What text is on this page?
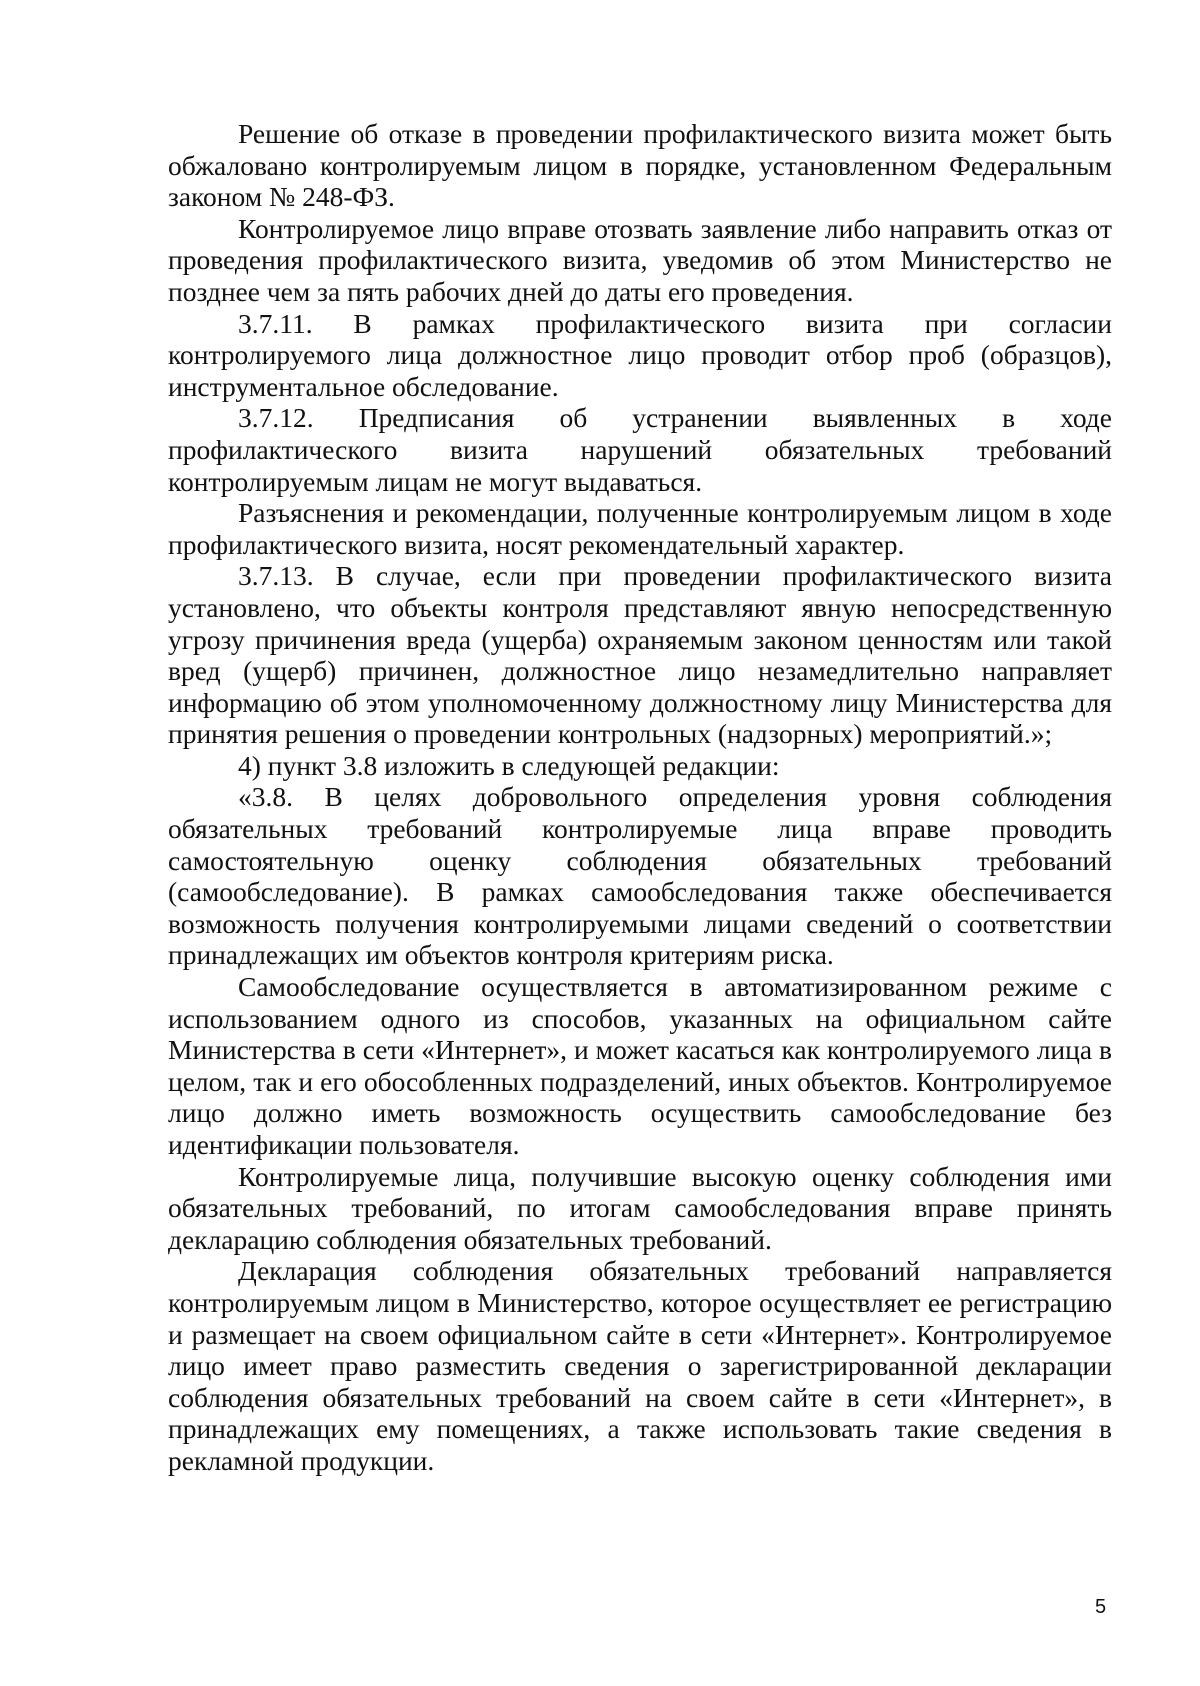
Решение об отказе в проведении профилактического визита может быть обжаловано контролируемым лицом в порядке, установленном Федеральным законом № 248-ФЗ.

Контролируемое лицо вправе отозвать заявление либо направить отказ от проведения профилактического визита, уведомив об этом Министерство не позднее чем за пять рабочих дней до даты его проведения.

3.7.11. В рамках профилактического визита при согласии контролируемого лица должностное лицо проводит отбор проб (образцов), инструментальное обследование.

3.7.12. Предписания об устранении выявленных в ходе профилактического визита нарушений обязательных требований контролируемым лицам не могут выдаваться.

Разъяснения и рекомендации, полученные контролируемым лицом в ходе профилактического визита, носят рекомендательный характер.

3.7.13. В случае, если при проведении профилактического визита установлено, что объекты контроля представляют явную непосредственную угрозу причинения вреда (ущерба) охраняемым законом ценностям или такой вред (ущерб) причинен, должностное лицо незамедлительно направляет информацию об этом уполномоченному должностному лицу Министерства для принятия решения о проведении контрольных (надзорных) мероприятий.»;

4) пункт 3.8 изложить в следующей редакции:

«3.8. В целях добровольного определения уровня соблюдения обязательных требований контролируемые лица вправе проводить самостоятельную оценку соблюдения обязательных требований (самообследование). В рамках самообследования также обеспечивается возможность получения контролируемыми лицами сведений о соответствии принадлежащих им объектов контроля критериям риска.

Самообследование осуществляется в автоматизированном режиме с использованием одного из способов, указанных на официальном сайте Министерства в сети «Интернет», и может касаться как контролируемого лица в целом, так и его обособленных подразделений, иных объектов. Контролируемое лицо должно иметь возможность осуществить самообследование без идентификации пользователя.

Контролируемые лица, получившие высокую оценку соблюдения ими обязательных требований, по итогам самообследования вправе принять декларацию соблюдения обязательных требований.

Декларация соблюдения обязательных требований направляется контролируемым лицом в Министерство, которое осуществляет ее регистрацию и размещает на своем официальном сайте в сети «Интернет». Контролируемое лицо имеет право разместить сведения о зарегистрированной декларации соблюдения обязательных требований на своем сайте в сети «Интернет», в принадлежащих ему помещениях, а также использовать такие сведения в рекламной продукции.

5
